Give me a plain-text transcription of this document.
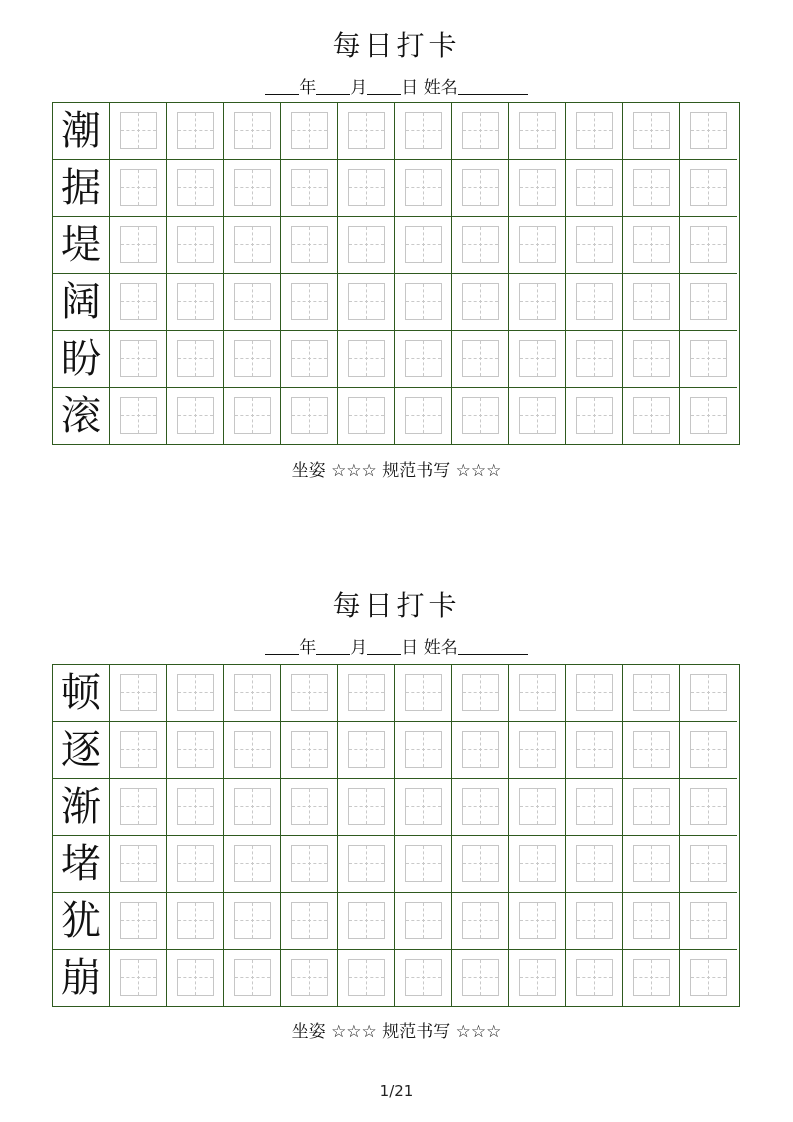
每日打卡
年 月 日 姓名
潮
据
堤
阔
盼
滚
坐姿 ☆☆☆ 规范书写 ☆☆☆
每日打卡
年 月 日 姓名
顿
逐
渐
堵
犹
崩
坐姿 ☆☆☆ 规范书写 ☆☆☆
1/21
